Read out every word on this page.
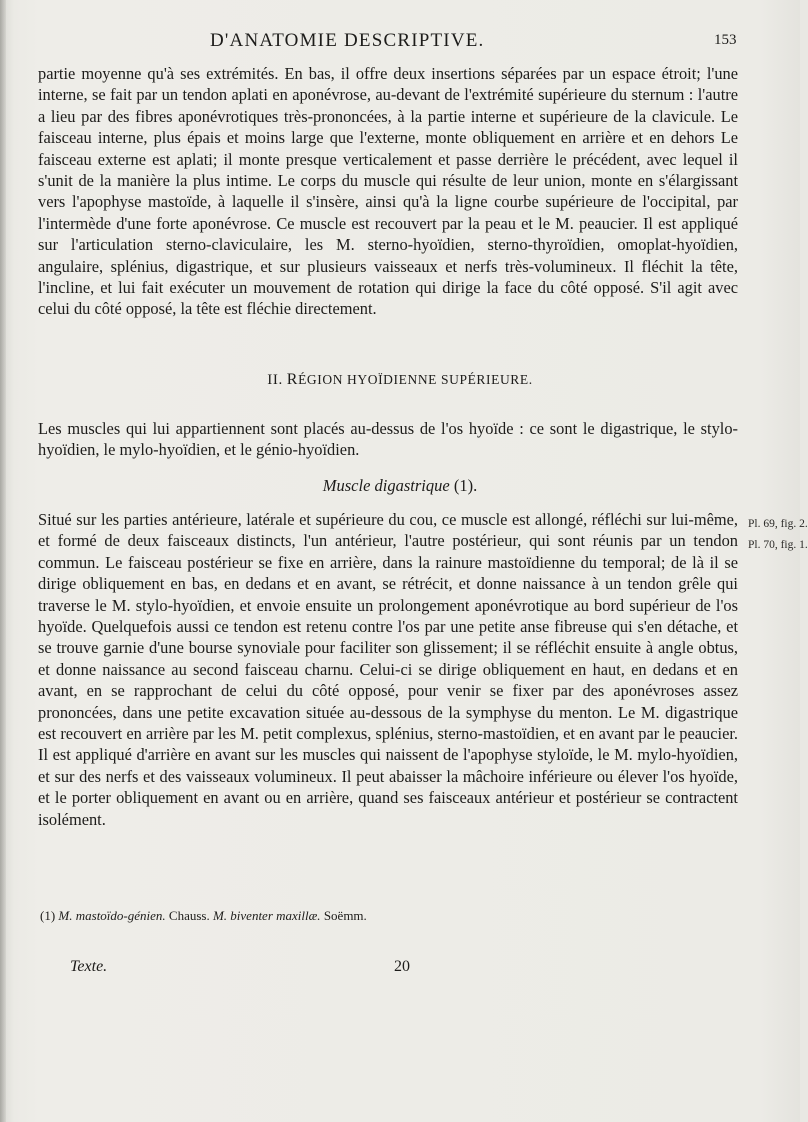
D'ANATOMIE DESCRIPTIVE.	153

partie moyenne qu'à ses extrémités. En bas, il offre deux insertions séparées par un espace étroit; l'une interne, se fait par un tendon aplati en aponévrose, au-devant de l'extrémité supérieure du sternum : l'autre a lieu par des fibres aponévrotiques très-prononcées, à la partie interne et supérieure de la clavicule. Le faisceau interne, plus épais et moins large que l'externe, monte obliquement en arrière et en dehors Le faisceau externe est aplati; il monte presque verticalement et passe derrière le précédent, avec lequel il s'unit de la manière la plus intime. Le corps du muscle qui résulte de leur union, monte en s'élargissant vers l'apophyse mastoïde, à laquelle il s'insère, ainsi qu'à la ligne courbe supérieure de l'occipital, par l'intermède d'une forte aponévrose. Ce muscle est recouvert par la peau et le M. peaucier. Il est appliqué sur l'articulation sterno-claviculaire, les M. sterno-hyoïdien, sterno-thyroïdien, omoplat-hyoïdien, angulaire, splénius, digastrique, et sur plusieurs vaisseaux et nerfs très-volumineux. Il fléchit la tête, l'incline, et lui fait exécuter un mouvement de rotation qui dirige la face du côté opposé. S'il agit avec celui du côté opposé, la tête est fléchie directement.

II. RÉGION HYOÏDIENNE SUPÉRIEURE.

Les muscles qui lui appartiennent sont placés au-dessus de l'os hyoïde : ce sont le digastrique, le stylo-hyoïdien, le mylo-hyoïdien, et le génio-hyoïdien.

Muscle digastrique (1).

Situé sur les parties antérieure, latérale et supérieure du cou, ce muscle est allongé, réfléchi sur lui-même, et formé de deux faisceaux distincts, l'un antérieur, l'autre postérieur, qui sont réunis par un tendon commun. Le faisceau postérieur se fixe en arrière, dans la rainure mastoïdienne du temporal; de là il se dirige obliquement en bas, en dedans et en avant, se rétrécit, et donne naissance à un tendon grêle qui traverse le M. stylo-hyoïdien, et envoie ensuite un prolongement aponévrotique au bord supérieur de l'os hyoïde. Quelquefois aussi ce tendon est retenu contre l'os par une petite anse fibreuse qui s'en détache, et se trouve garnie d'une bourse synoviale pour faciliter son glissement; il se réfléchit ensuite à angle obtus, et donne naissance au second faisceau charnu. Celui-ci se dirige obliquement en haut, en dedans et en avant, en se rapprochant de celui du côté opposé, pour venir se fixer par des aponévroses assez prononcées, dans une petite excavation située au-dessous de la symphyse du menton. Le M. digastrique est recouvert en arrière par les M. petit complexus, splénius, sterno-mastoïdien, et en avant par le peaucier. Il est appliqué d'arrière en avant sur les muscles qui naissent de l'apophyse styloïde, le M. mylo-hyoïdien, et sur des nerfs et des vaisseaux volumineux. Il peut abaisser la mâchoire inférieure ou élever l'os hyoïde, et le porter obliquement en avant ou en arrière, quand ses faisceaux antérieur et postérieur se contractent isolément.

Pl. 69, fig. 2.
Pl. 70, fig. 1.
(1) M. mastoïdo-génien. Chauss. M. biventer maxillæ. Soëmm.
Texte.	20
